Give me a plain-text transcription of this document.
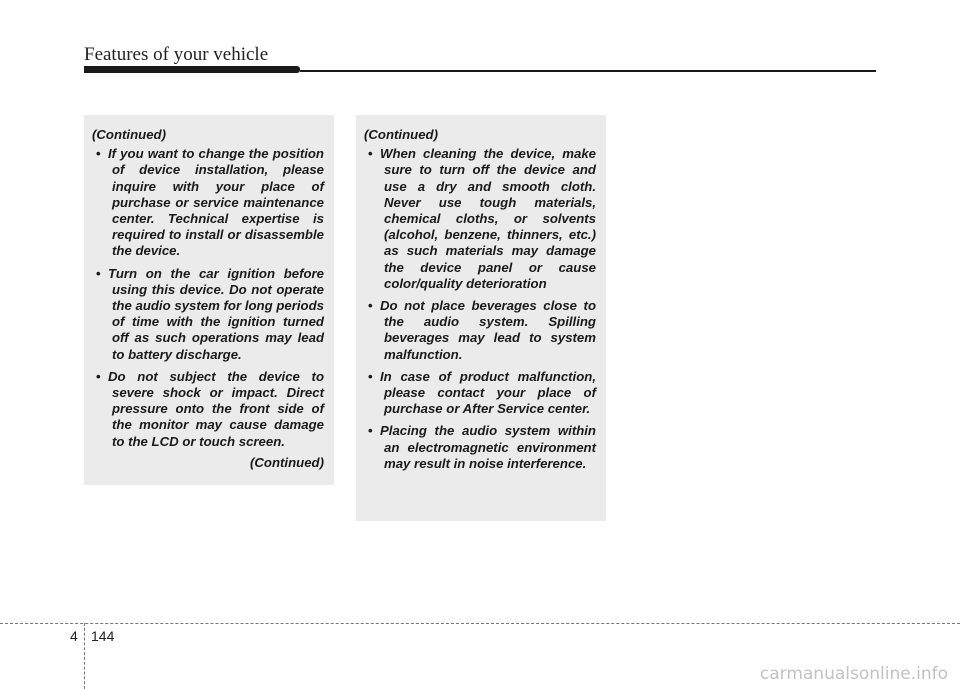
Features of your vehicle
(Continued)
• If you want to change the position of device installation, please inquire with your place of purchase or service maintenance center. Technical expertise is required to install or disassemble the device.
• Turn on the car ignition before using this device. Do not operate the audio system for long periods of time with the ignition turned off as such operations may lead to battery discharge.
• Do not subject the device to severe shock or impact. Direct pressure onto the front side of the monitor may cause damage to the LCD or touch screen.
(Continued)
(Continued)
• When cleaning the device, make sure to turn off the device and use a dry and smooth cloth. Never use tough materials, chemical cloths, or solvents (alcohol, benzene, thinners, etc.) as such materials may damage the device panel or cause color/quality deterioration
• Do not place beverages close to the audio system. Spilling beverages may lead to system malfunction.
• In case of product malfunction, please contact your place of purchase or After Service center.
• Placing the audio system within an electromagnetic environment may result in noise interference.
4 144
carmanualsonline.info
